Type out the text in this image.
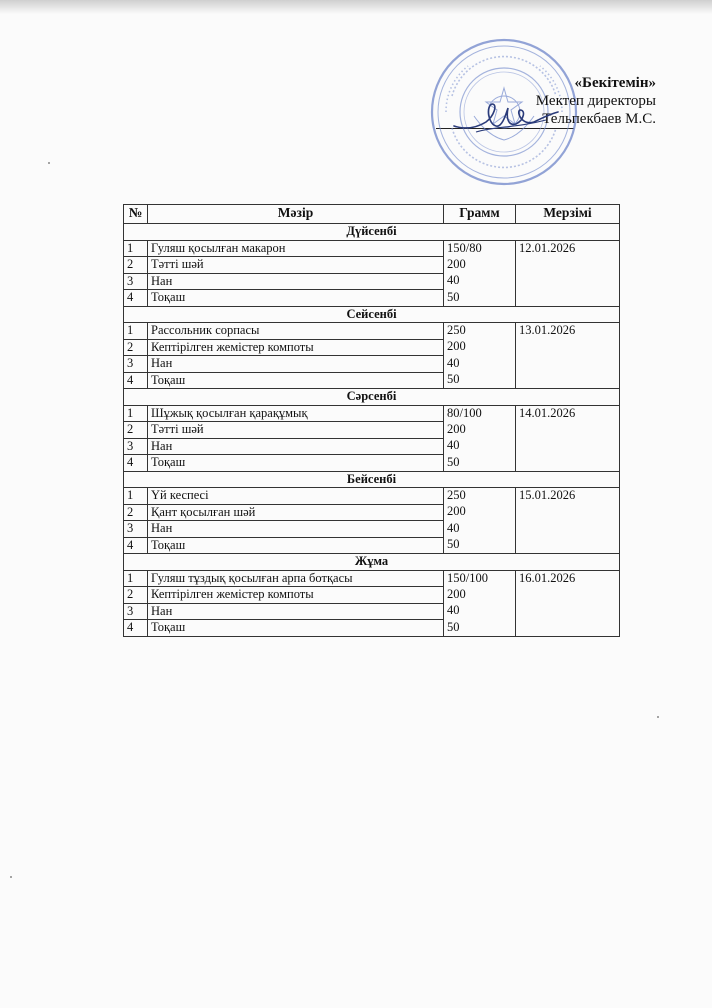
«Бекітемін»
Мектеп директоры
Тельпекбаев М.С.
№	Мәзір	Грамм	Мерзімі
Дүйсенбі			
1	Гуляш қосылған макарон	150/80	12.01.2026
2	Тәтті шәй	200	
3	Нан	40	
4	Тоқаш	50	
Сейсенбі			
1	Рассольник сорпасы	250	13.01.2026
2	Кептірілген жемістер компоты	200	
3	Нан	40	
4	Тоқаш	50	
Сәрсенбі			
1	Шұжық қосылған қарақұмық	80/100	14.01.2026
2	Тәтті шәй	200	
3	Нан	40	
4	Тоқаш	50	
Бейсенбі			
1	Үй кеспесі	250	15.01.2026
2	Қант қосылған шәй	200	
3	Нан	40	
4	Тоқаш	50	
Жұма			
1	Гуляш тұздық қосылған арпа ботқасы	150/100	16.01.2026
2	Кептірілген жемістер компоты	200	
3	Нан	40	
4	Тоқаш	50	
